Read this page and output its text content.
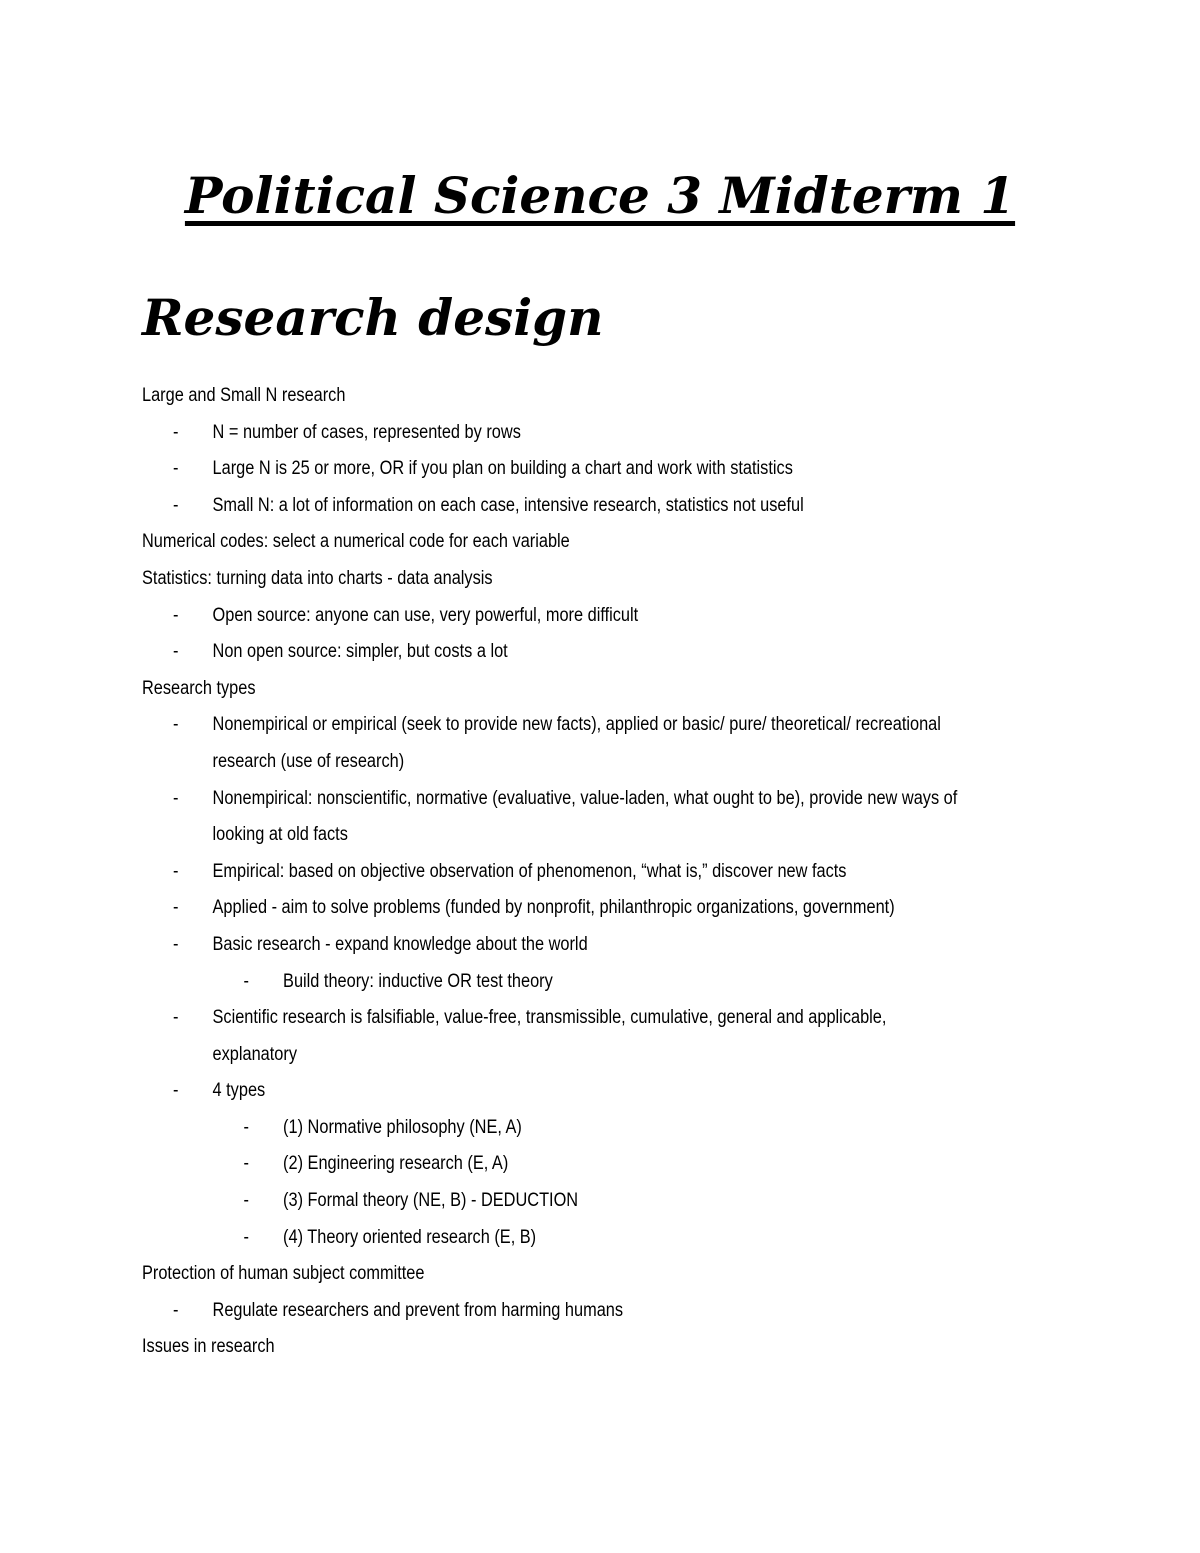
Political Science 3 Midterm 1
Research design
Large and Small N research
- N = number of cases, represented by rows
- Large N is 25 or more, OR if you plan on building a chart and work with statistics
- Small N: a lot of information on each case, intensive research, statistics not useful
Numerical codes: select a numerical code for each variable
Statistics: turning data into charts - data analysis
- Open source: anyone can use, very powerful, more difficult
- Non open source: simpler, but costs a lot
Research types
- Nonempirical or empirical (seek to provide new facts), applied or basic/ pure/ theoretical/ recreational research (use of research)
- Nonempirical: nonscientific, normative (evaluative, value-laden, what ought to be), provide new ways of looking at old facts
- Empirical: based on objective observation of phenomenon, “what is,” discover new facts
- Applied - aim to solve problems (funded by nonprofit, philanthropic organizations, government)
- Basic research - expand knowledge about the world
- Build theory: inductive OR test theory
- Scientific research is falsifiable, value-free, transmissible, cumulative, general and applicable, explanatory
- 4 types
- (1) Normative philosophy (NE, A)
- (2) Engineering research (E, A)
- (3) Formal theory (NE, B) - DEDUCTION
- (4) Theory oriented research (E, B)
Protection of human subject committee
- Regulate researchers and prevent from harming humans
Issues in research
